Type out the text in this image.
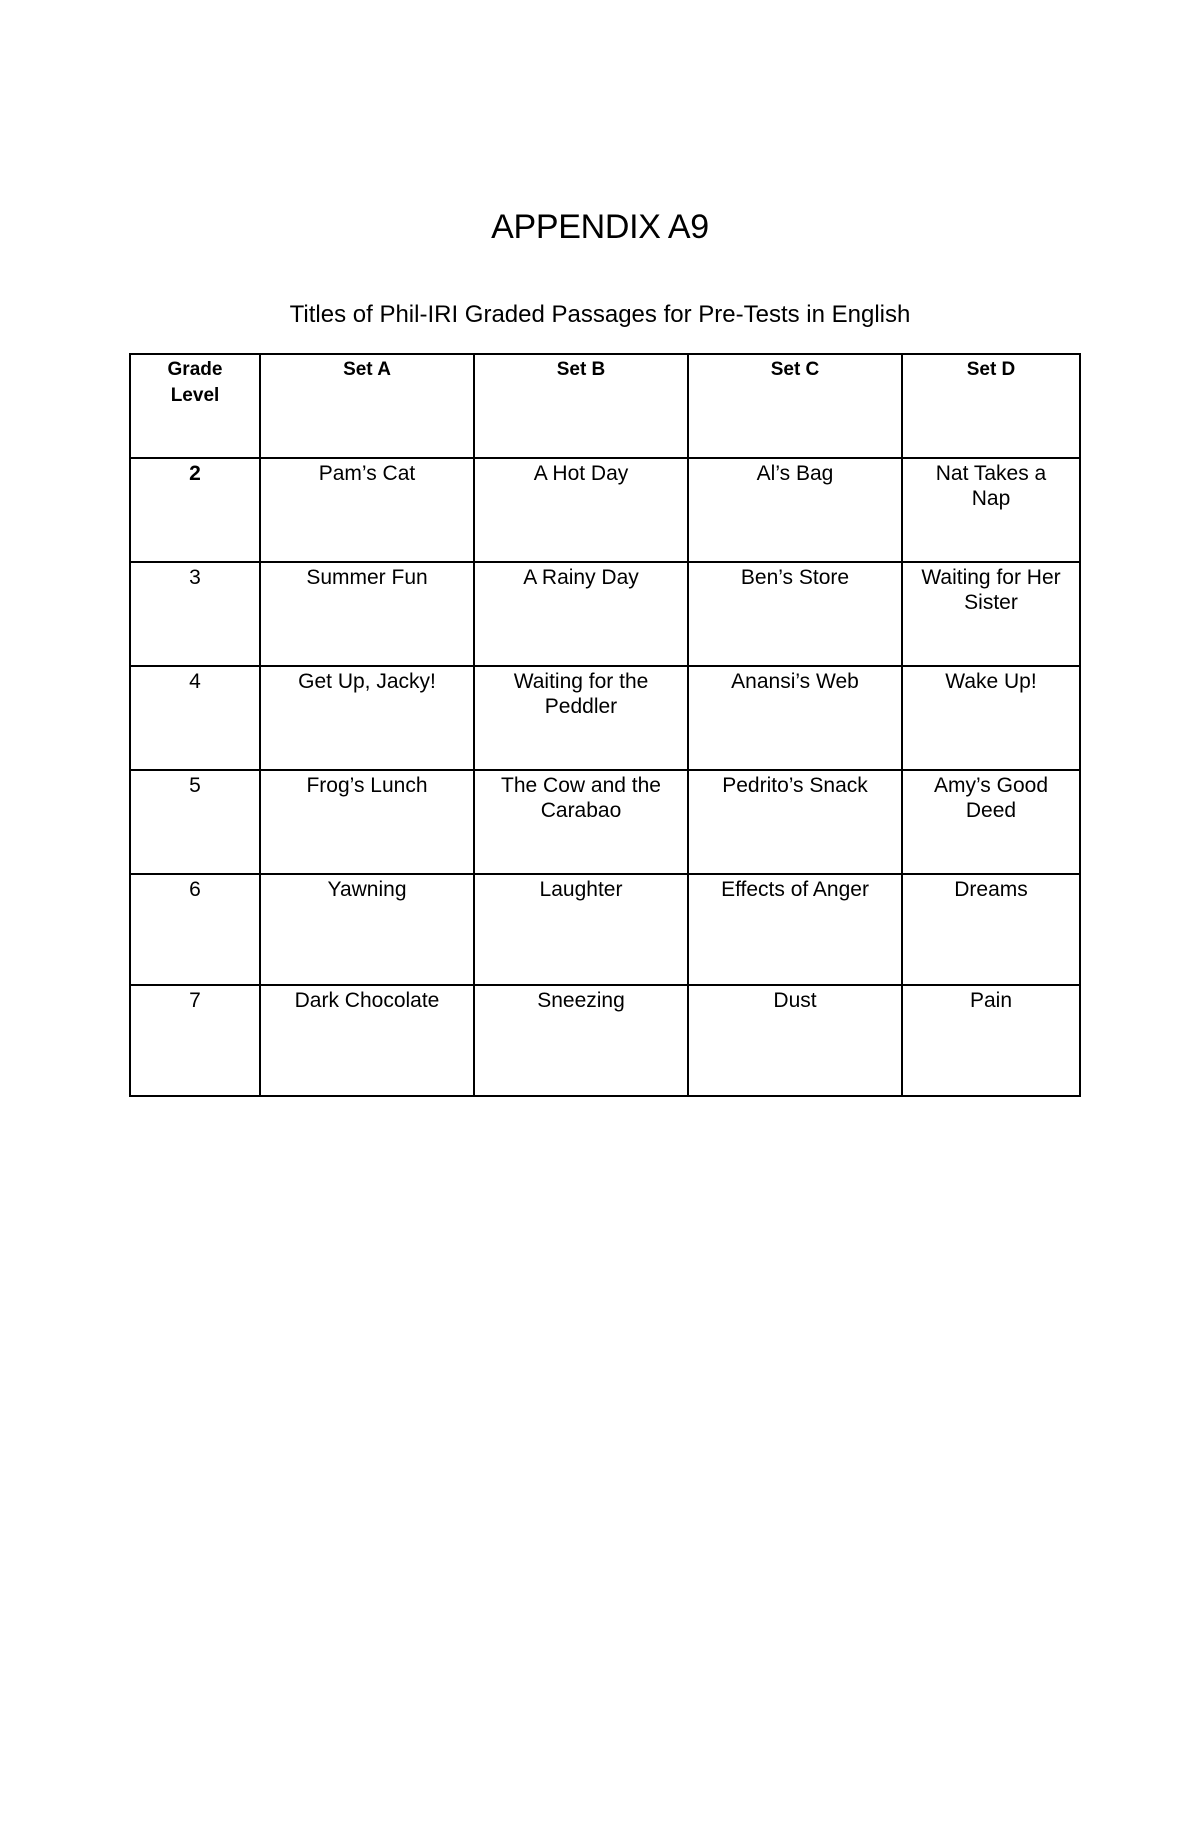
APPENDIX A9

Titles of Phil-IRI Graded Passages for Pre-Tests in English

Grade Level	Set A	Set B	Set C	Set D
2	Pam’s Cat	A Hot Day	Al’s Bag	Nat Takes a Nap
3	Summer Fun	A Rainy Day	Ben’s Store	Waiting for Her Sister
4	Get Up, Jacky!	Waiting for the Peddler	Anansi’s Web	Wake Up!
5	Frog’s Lunch	The Cow and the Carabao	Pedrito’s Snack	Amy’s Good Deed
6	Yawning	Laughter	Effects of Anger	Dreams
7	Dark Chocolate	Sneezing	Dust	Pain
